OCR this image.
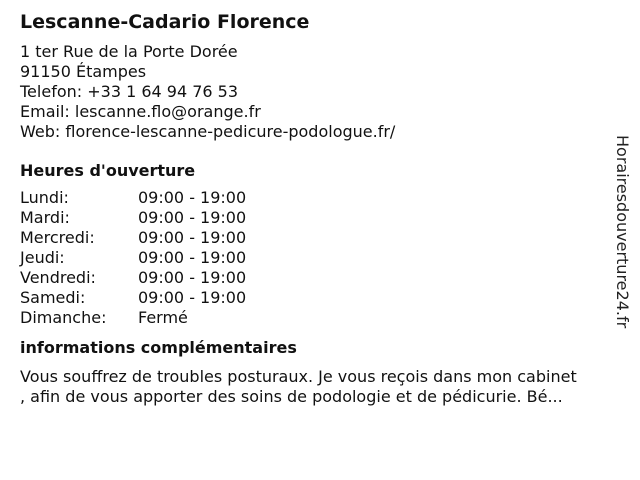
Lescanne-Cadario Florence
1 ter Rue de la Porte Dorée
91150 Étampes
Telefon: +33 1 64 94 76 53
Email: lescanne.flo@orange.fr
Web: florence-lescanne-pedicure-podologue.fr/
Heures d'ouverture
Lundi:	09:00 - 19:00
Mardi:	09:00 - 19:00
Mercredi:	09:00 - 19:00
Jeudi:	09:00 - 19:00
Vendredi:	09:00 - 19:00
Samedi:	09:00 - 19:00
Dimanche:	Fermé
informations complémentaires
Vous souffrez de troubles posturaux. Je vous reçois dans mon cabinet
, afin de vous apporter des soins de podologie et de pédicurie. Bé...
Horairesdouverture24.fr
